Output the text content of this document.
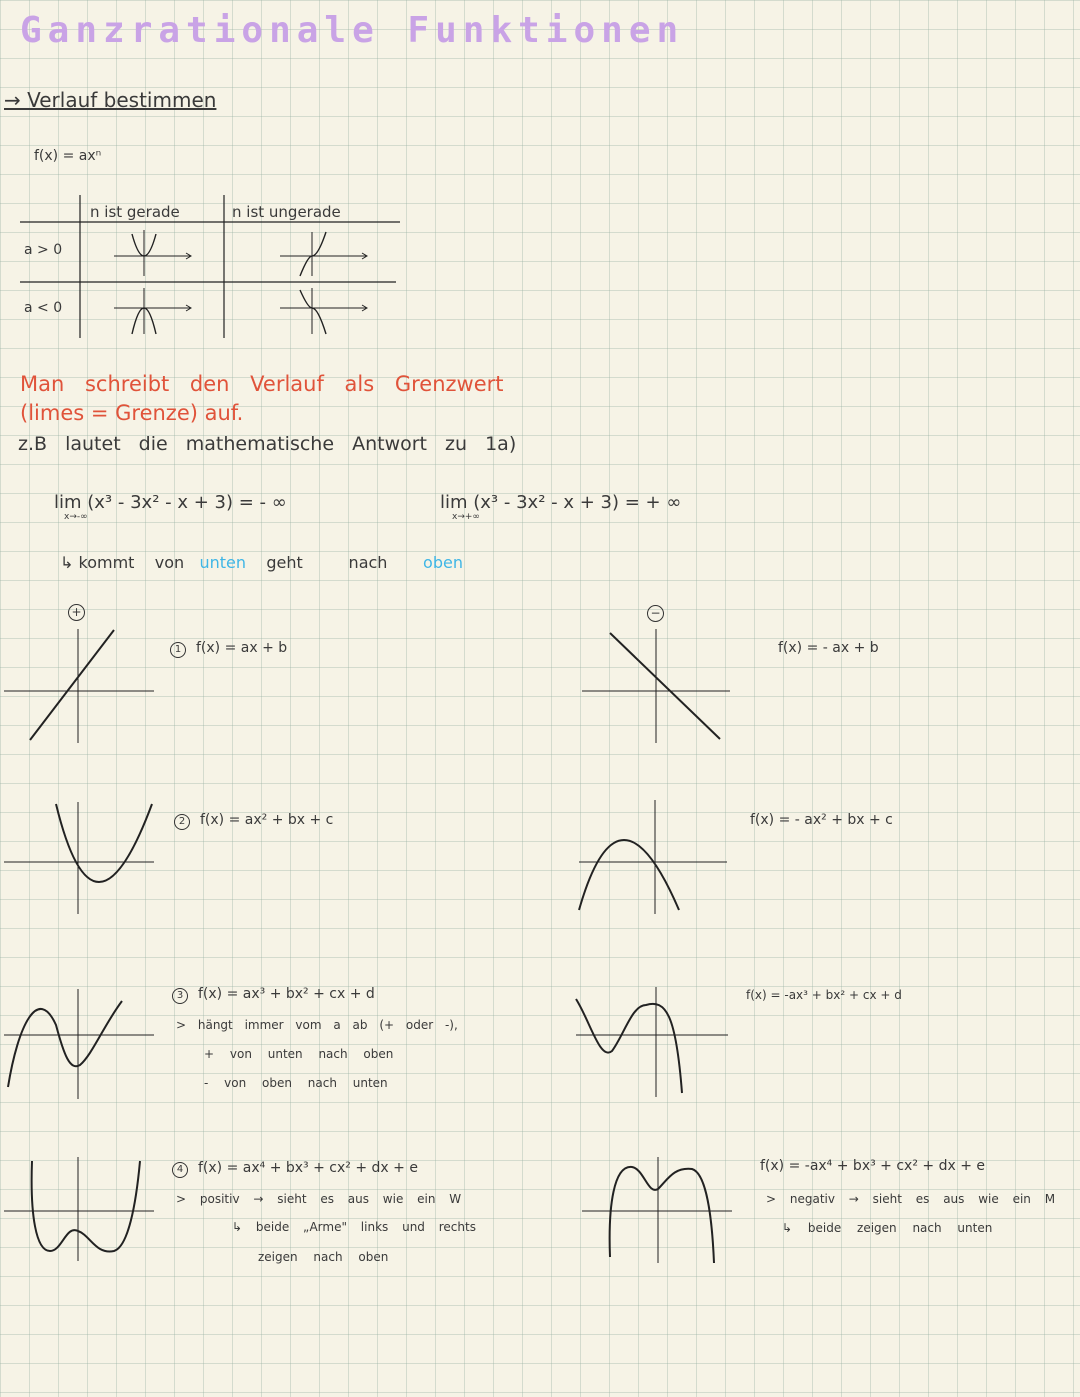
Ganzrationale Funktionen
→ Verlauf bestimmen
f(x) = axⁿ
n ist gerade	n ist ungerade
a > 0
a < 0
Man schreibt den Verlauf als Grenzwert
(limes = Grenze) auf.
z.B lautet die mathematische Antwort zu 1a)
lim (x³ - 3x² - x + 3) = - ∞
x→-∞
lim (x³ - 3x² - x + 3) = + ∞
x→+∞
↳ kommt von unten geht	nach oben
+	−
1 f(x) = ax + b	f(x) = - ax + b
2 f(x) = ax² + bx + c	f(x) = - ax² + bx + c
3 f(x) = ax³ + bx² + cx + d	f(x) = -ax³ + bx² + cx + d
> hängt immer vom a ab (+ oder -),
+ von unten nach oben
- von oben nach unten
4 f(x) = ax⁴ + bx³ + cx² + dx + e	f(x) = -ax⁴ + bx³ + cx² + dx + e
> positiv → sieht es aus wie ein W
↳ beide „Arme" links und rechts
zeigen nach oben
> negativ → sieht es aus wie ein M
↳ beide zeigen nach unten
